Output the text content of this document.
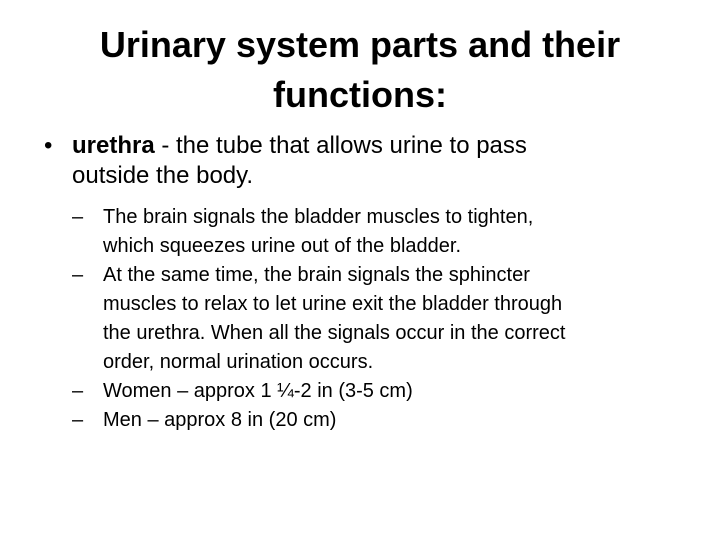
Urinary system parts and their
functions:
• urethra - the tube that allows urine to pass
outside the body.
– The brain signals the bladder muscles to tighten,
which squeezes urine out of the bladder.
– At the same time, the brain signals the sphincter
muscles to relax to let urine exit the bladder through
the urethra. When all the signals occur in the correct
order, normal urination occurs.
– Women – approx 1 ¼-2 in (3-5 cm)
– Men – approx 8 in (20 cm)
